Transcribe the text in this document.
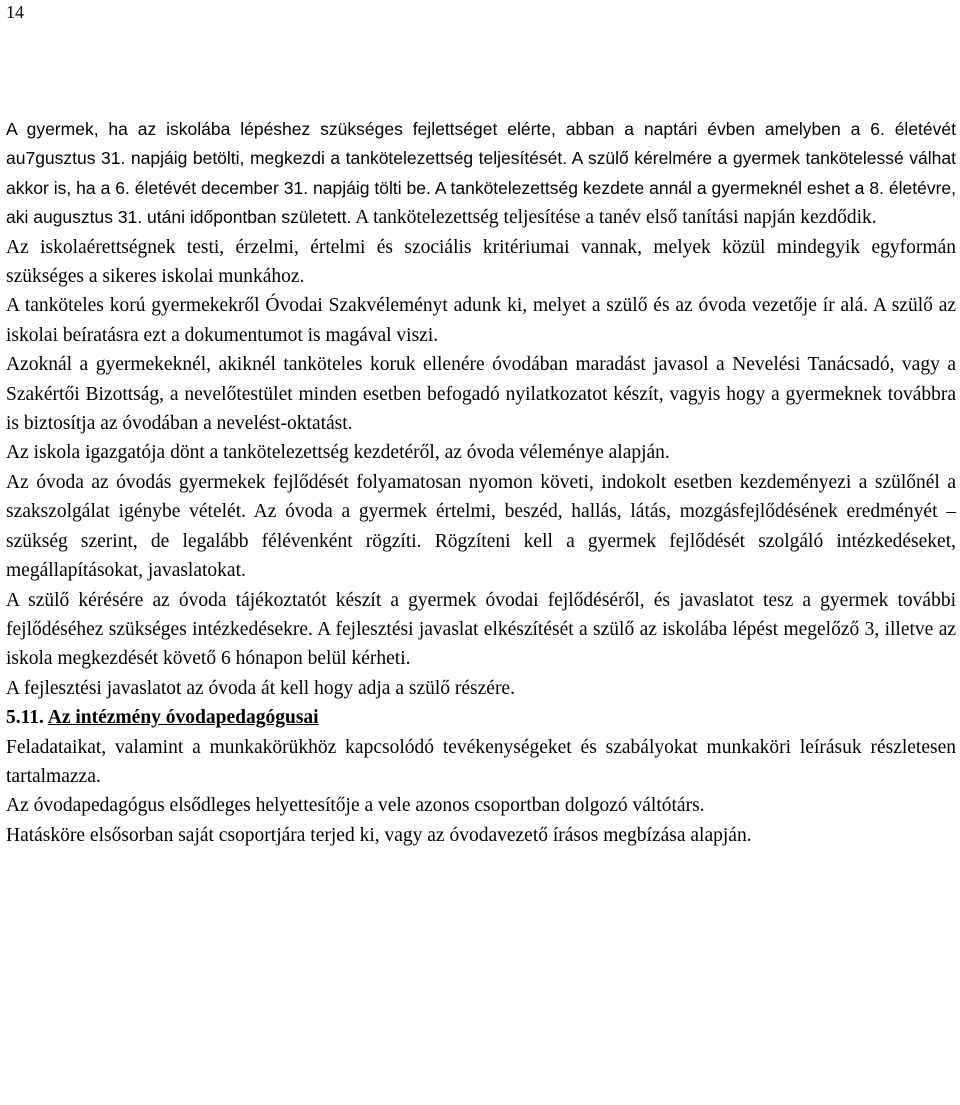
14

A gyermek, ha az iskolába lépéshez szükséges fejlettséget elérte, abban a naptári évben amelyben a 6. életévét au7gusztus 31. napjáig betölti, megkezdi a tankötelezettség teljesítését. A szülő kérelmére a gyermek tankötelessé válhat akkor is, ha a 6. életévét december 31. napjáig tölti be. A tankötelezettség kezdete annál a gyermeknél eshet a 8. életévre, aki augusztus 31. utáni időpontban született. A tankötelezettség teljesítése a tanév első tanítási napján kezdődik.

Az iskolaérettségnek testi, érzelmi, értelmi és szociális kritériumai vannak, melyek közül mindegyik egyformán szükséges a sikeres iskolai munkához.

A tanköteles korú gyermekekről Óvodai Szakvéleményt adunk ki, melyet a szülő és az óvoda vezetője ír alá. A szülő az iskolai beíratásra ezt a dokumentumot is magával viszi.

Azoknál a gyermekeknél, akiknél tanköteles koruk ellenére óvodában maradást javasol a Nevelési Tanácsadó, vagy a Szakértői Bizottság, a nevelőtestület minden esetben befogadó nyilatkozatot készít, vagyis hogy a gyermeknek továbbra is biztosítja az óvodában a nevelést-oktatást.

Az iskola igazgatója dönt a tankötelezettség kezdetéről, az óvoda véleménye alapján.

Az óvoda az óvodás gyermekek fejlődését folyamatosan nyomon követi, indokolt esetben kezdeményezi a szülőnél a szakszolgálat igénybe vételét. Az óvoda a gyermek értelmi, beszéd, hallás, látás, mozgásfejlődésének eredményét – szükség szerint, de legalább félévenként rögzíti. Rögzíteni kell a gyermek fejlődését szolgáló intézkedéseket, megállapításokat, javaslatokat.

A szülő kérésére az óvoda tájékoztatót készít a gyermek óvodai fejlődéséről, és javaslatot tesz a gyermek további fejlődéséhez szükséges intézkedésekre. A fejlesztési javaslat elkészítését a szülő az iskolába lépést megelőző 3, illetve az iskola megkezdését követő 6 hónapon belül kérheti.

A fejlesztési javaslatot az óvoda át kell hogy adja a szülő részére.

5.11. Az intézmény óvodapedagógusai

Feladataikat, valamint a munkakörükhöz kapcsolódó tevékenységeket és szabályokat munkaköri leírásuk részletesen tartalmazza.

Az óvodapedagógus elsődleges helyettesítője a vele azonos csoportban dolgozó váltótárs.

Hatásköre elsősorban saját csoportjára terjed ki, vagy az óvodavezető írásos megbízása alapján.
